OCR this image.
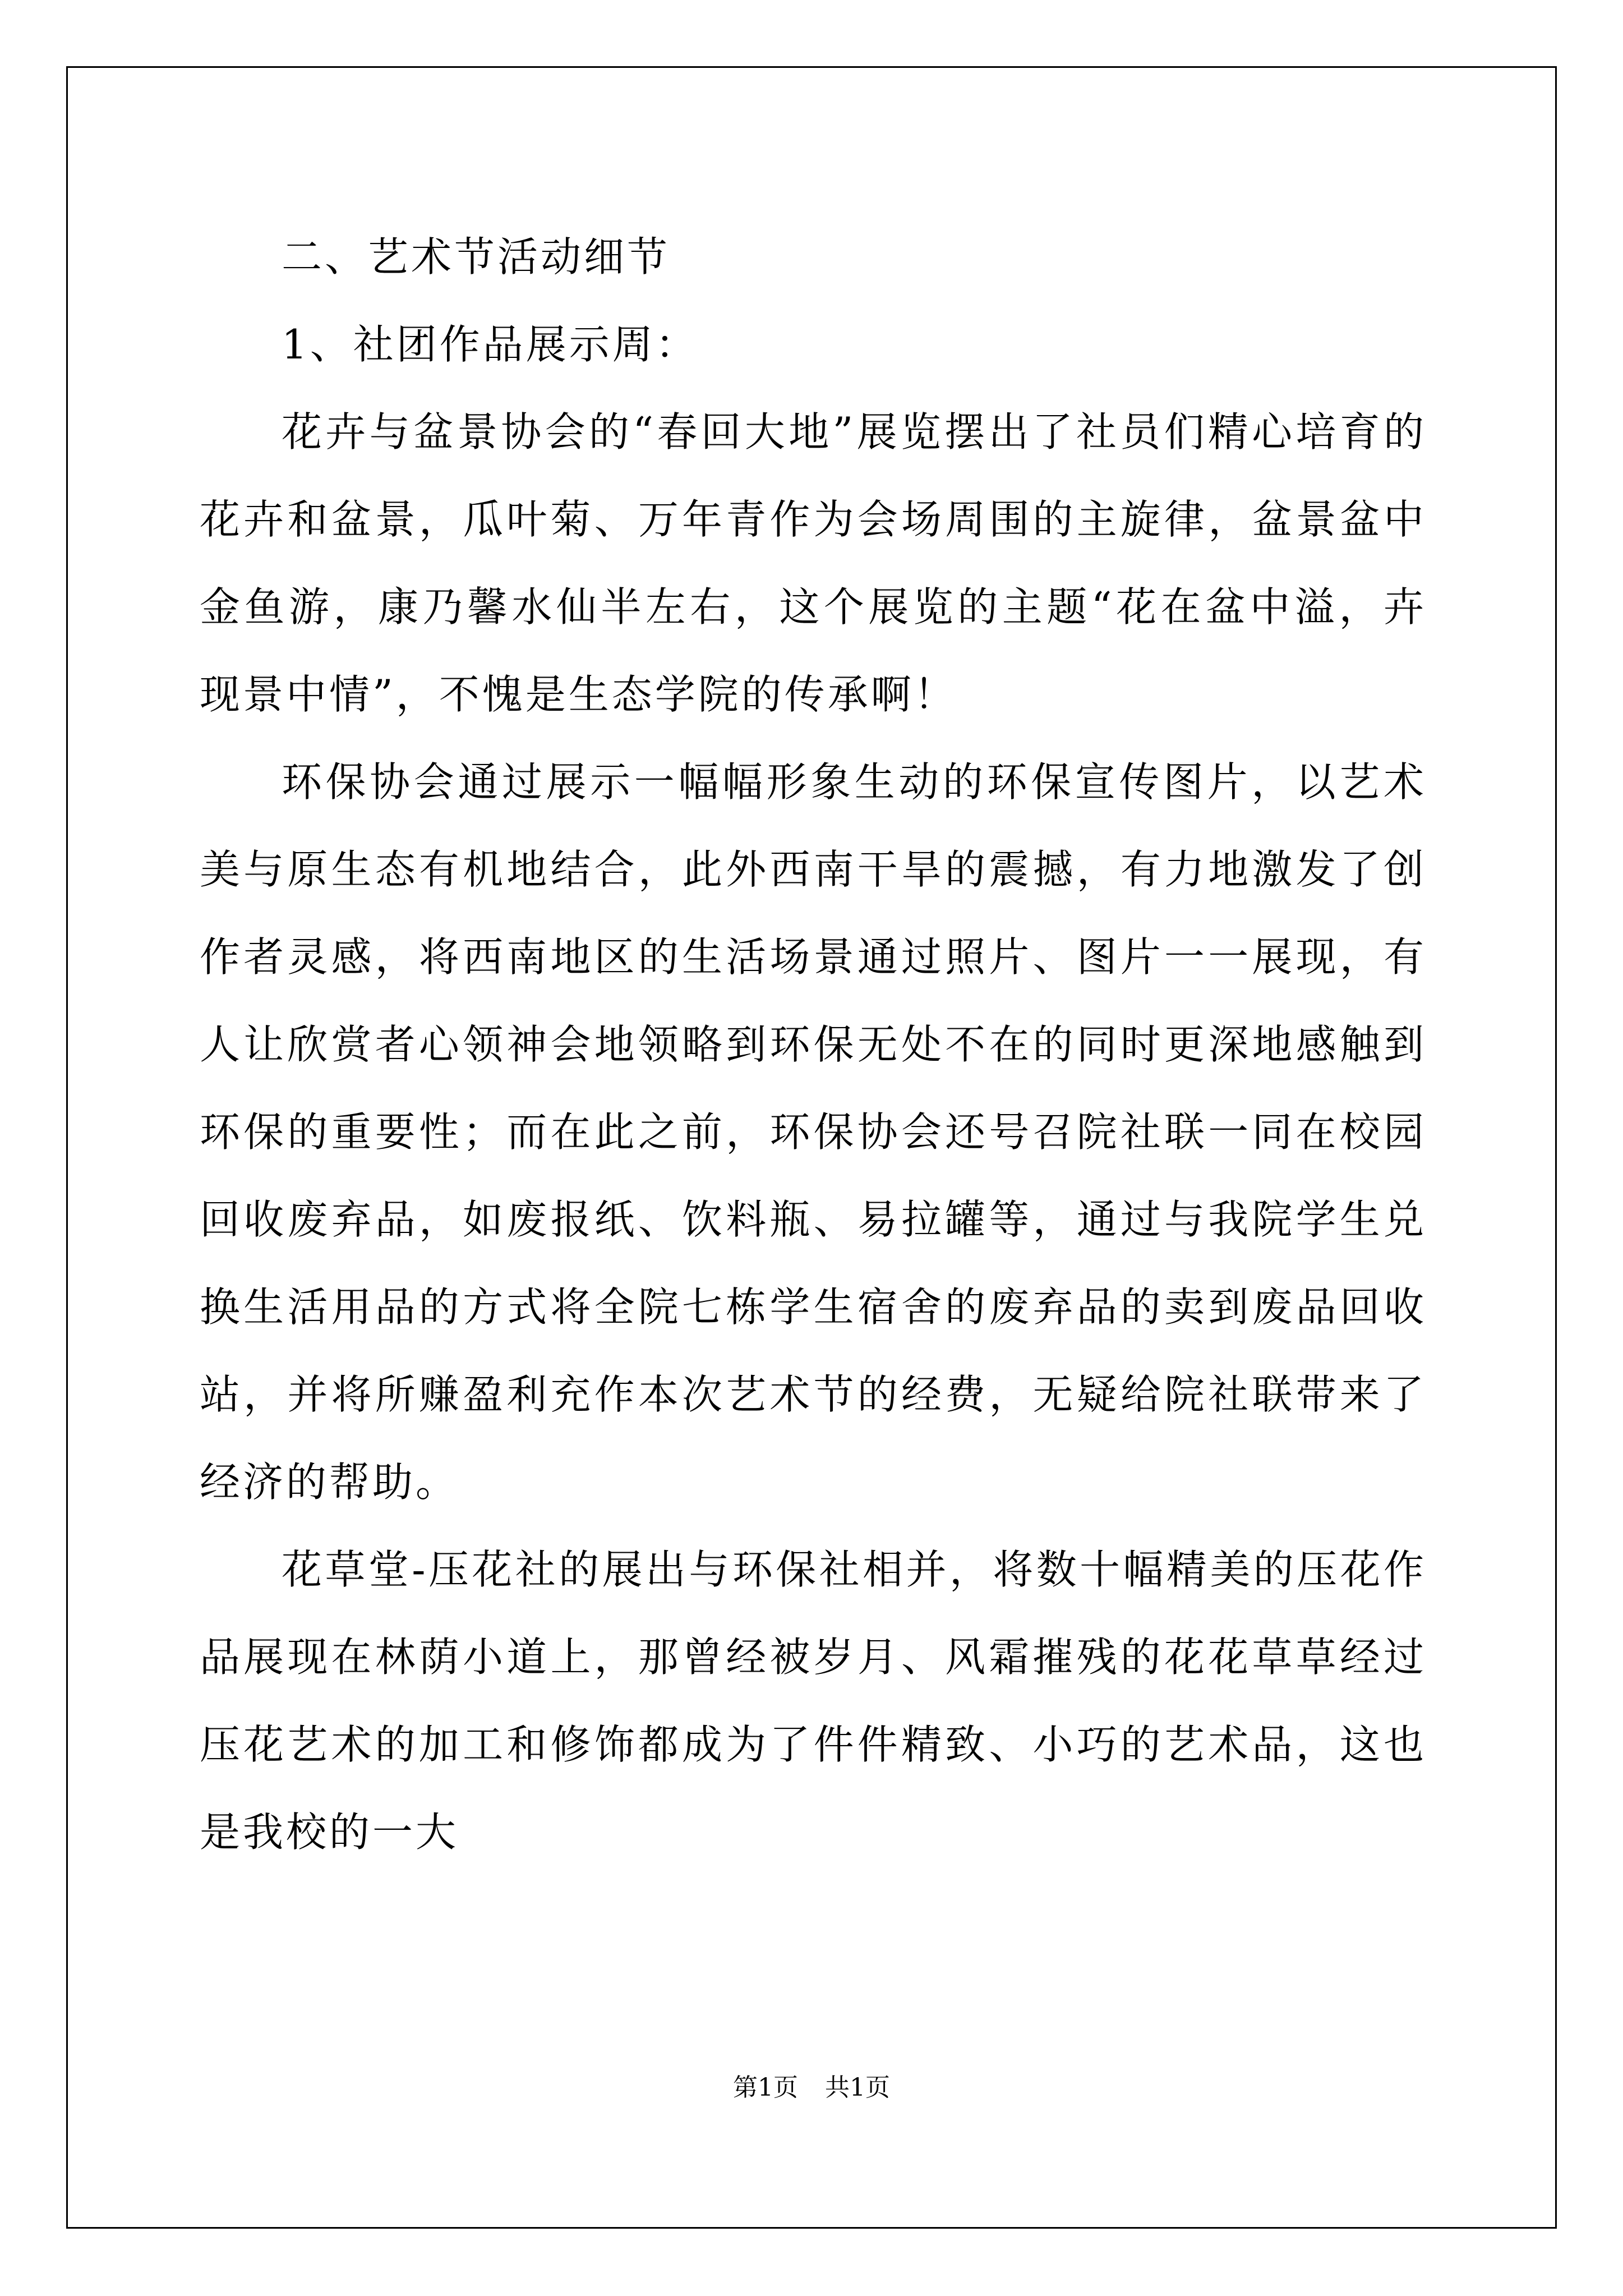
二、艺术节活动细节

1、社团作品展示周：

花卉与盆景协会的“春回大地”展览摆出了社员们精心培育的花卉和盆景，瓜叶菊、万年青作为会场周围的主旋律，盆景盆中金鱼游，康乃馨水仙半左右，这个展览的主题“花在盆中溢，卉现景中情”，不愧是生态学院的传承啊！

环保协会通过展示一幅幅形象生动的环保宣传图片，以艺术美与原生态有机地结合，此外西南干旱的震撼，有力地激发了创作者灵感，将西南地区的生活场景通过照片、图片一一展现，有人让欣赏者心领神会地领略到环保无处不在的同时更深地感触到环保的重要性；而在此之前，环保协会还号召院社联一同在校园回收废弃品，如废报纸、饮料瓶、易拉罐等，通过与我院学生兑换生活用品的方式将全院七栋学生宿舍的废弃品的卖到废品回收站，并将所赚盈利充作本次艺术节的经费，无疑给院社联带来了经济的帮助。

花草堂-压花社的展出与环保社相并，将数十幅精美的压花作品展现在林荫小道上，那曾经被岁月、风霜摧残的花花草草经过压花艺术的加工和修饰都成为了件件精致、小巧的艺术品，这也是我校的一大

第1页 共1页
